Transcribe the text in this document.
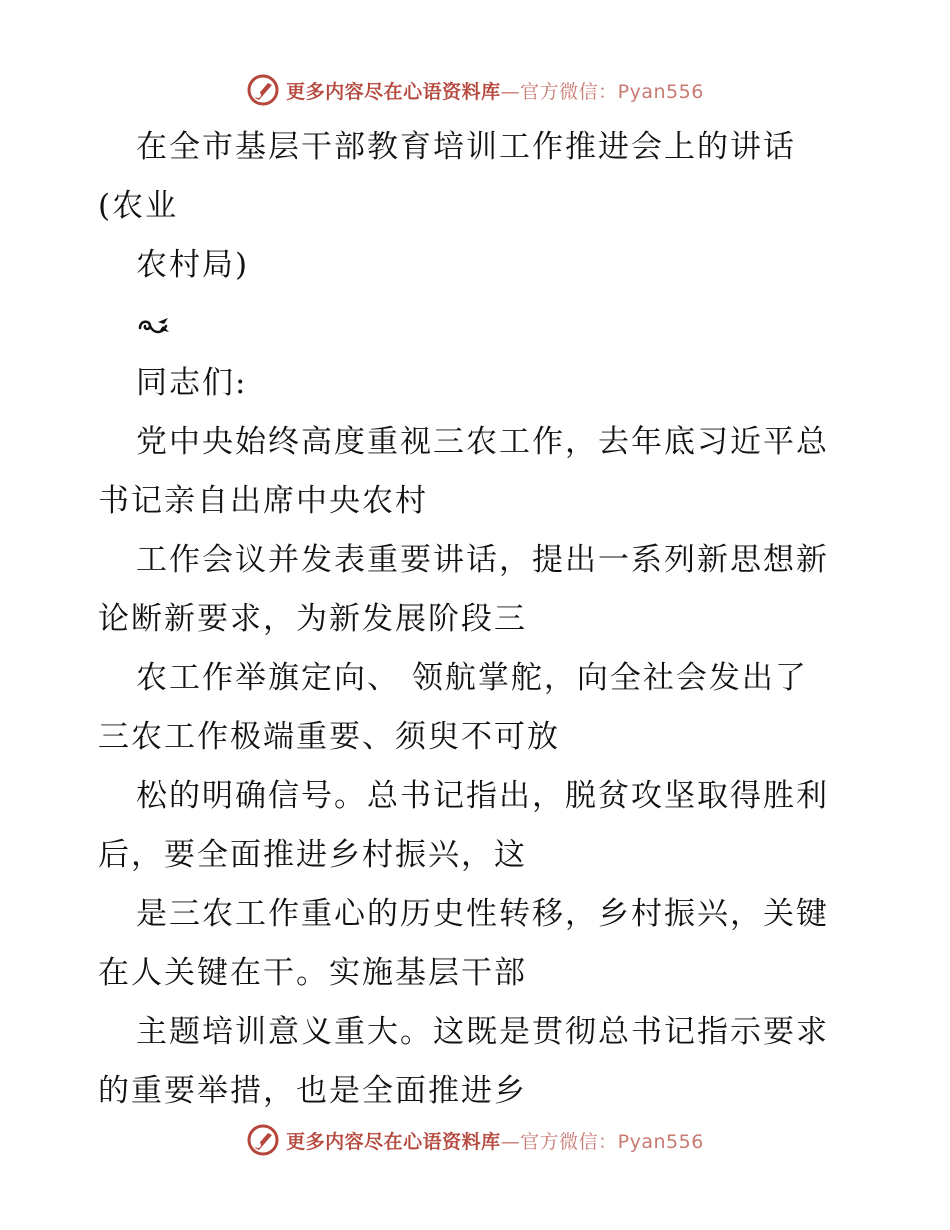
更多内容尽在心语资料库—官方微信：Pyan556
在全市基层干部教育培训工作推进会上的讲话
(农业
农村局)
同志们:
党中央始终高度重视三农工作，去年底习近平总
书记亲自出席中央农村
工作会议并发表重要讲话，提出一系列新思想新
论断新要求，为新发展阶段三
农工作举旗定向、 领航掌舵，向全社会发出了
三农工作极端重要、须臾不可放
松的明确信号。总书记指出，脱贫攻坚取得胜利
后，要全面推进乡村振兴，这
是三农工作重心的历史性转移，乡村振兴，关键
在人关键在干。实施基层干部
主题培训意义重大。这既是贯彻总书记指示要求
的重要举措，也是全面推进乡
更多内容尽在心语资料库—官方微信：Pyan556
